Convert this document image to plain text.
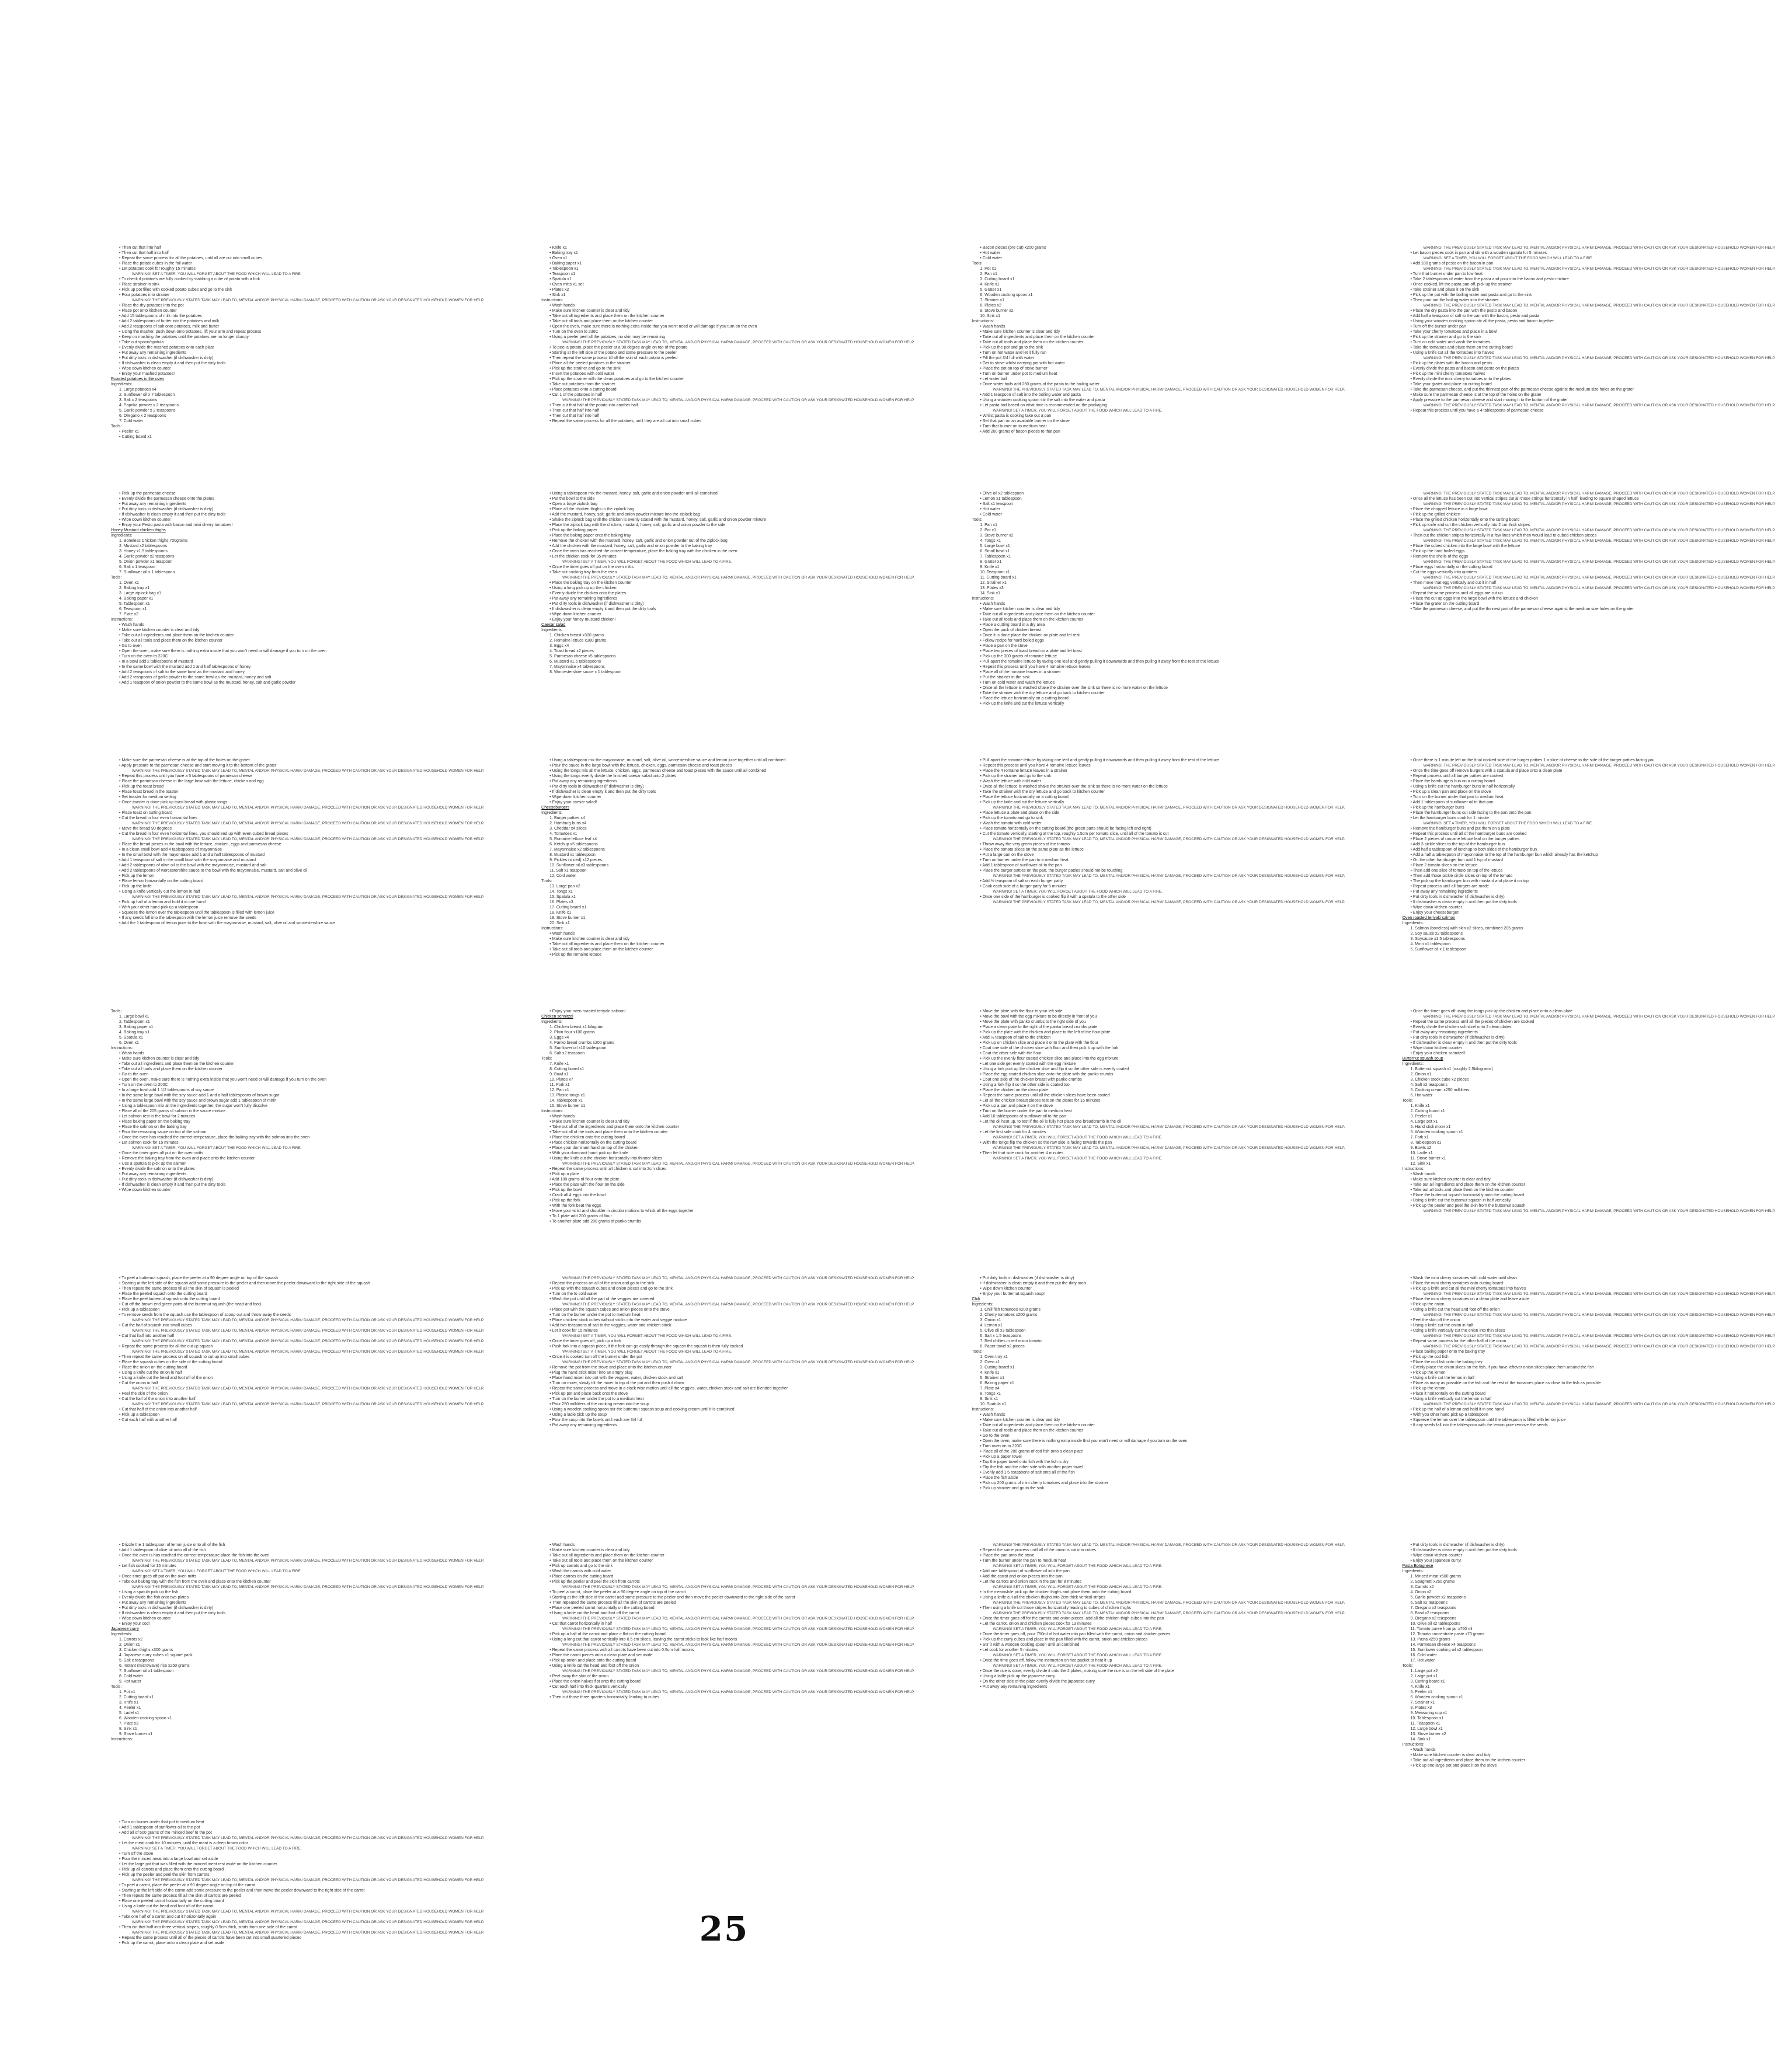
• Then cut that into half
• Then cut that half into half
• Repeat the same process for all the potatoes, until all are cut into small cubes
• Place the potato cubes in the foil water
• Let potatoes cook for roughly 15 minutes
WARNING! SET A TIMER, YOU WILL FORGET ABOUT THE FOOD WHICH WILL LEAD TO A FIRE.
• To check if potatoes are fully cooked try stabbing a cube of potato with a fork
• Place strainer in sink
• Pick up pot filled with cooked potato cubes and go to the sink
• Pour potatoes into strainer
WARNING! THE PREVIOUSLY STATED TASK MAY LEAD TO, MENTAL AND/OR PHYSICAL HARM/ DAMAGE, PROCEED WITH CAUTION OR ASK YOUR DESIGNATED HOUSEHOLD WOMEN FOR HELP.
• Place the dry potatoes into the pot
• Place pot onto kitchen counter
• Add 15 tablespoons of milk into the potatoes
• Add 2 tablespoons of butter into the potatoes and milk
• Add 2 teaspoons of salt onto potatoes, milk and butter
• Using the masher, push down onto potatoes, lift your arm and repeat process
• Keep on mashing the potatoes until the potatoes are no longer clumpy
• Take out spoon/spatula
• Evenly divide the mashed potatoes onto each plate
• Put away any remaining ingredients
• Put dirty tools in dishwasher (if dishwasher is dirty)
• If dishwasher is clean empty it and then put the dirty tools
• Wipe down kitchen counter
• Enjoy your mashed potatoes!
Roasted potatoes in the oven
Ingredients:
1. Large potatoes x4
2. Sunflower oil x 7 tablespoon
3. Salt x 2 teaspoons
4. Paprika powder x 2 teaspoons
5. Garlic powder x 2 teaspoons
6. Oregano x 2 teaspoons
7. Cold water
Tools:
• Peeler x1
• Cutting board x1
• Knife x1
• Baking tray x1
• Oven x1
• Baking paper x1
• Tablespoon x1
• Teaspoon x1
• Spatula x1
• Oven mitts x1 set
• Plates x2
• Sink x1
Instructions:
• Wash hands
• Make sure kitchen counter is clear and tidy
• Take out all ingredients and place them on the kitchen counter
• Take out all tools and place them on the kitchen counter
• Open the oven, make sure there is nothing extra inside that you won't need or will damage if you turn on the oven
• Turn on the oven to 230C
• Using a peeler peel all the potatoes, no skin may be remaining
WARNING! THE PREVIOUSLY STATED TASK MAY LEAD TO, MENTAL AND/OR PHYSICAL HARM/ DAMAGE, PROCEED WITH CAUTION OR ASK YOUR DESIGNATED HOUSEHOLD WOMEN FOR HELP.
• To peel a potato, place the peeler at a 90 degree angle on top of the potato
• Starting at the left side of the potato and some pressure to the peeler
• Then repeat the same process till all the skin of each potato is peeled
• Place all the peeled potatoes in the strainer
• Pick up the strainer and go to the sink
• Insert the potatoes with cold water
• Pick up the strainer with the clean potatoes and go to the kitchen counter
• Take out potatoes from the strainer
• Place potatoes onto a cutting board
• Cut 1 of the potatoes in half
WARNING! THE PREVIOUSLY STATED TASK MAY LEAD TO, MENTAL AND/OR PHYSICAL HARM/ DAMAGE, PROCEED WITH CAUTION OR ASK YOUR DESIGNATED HOUSEHOLD WOMEN FOR HELP.
• Then cut that half of the potato into another half
• Then cut that half into half
• Then cut that half into half
• Repeat the same process for all the potatoes, until they are all cut into small cubes
• Bacon pieces (pre cut) x200 grams
• Hot water
• Cold water
Tools:
1. Pot x1
2. Pan x1
3. Cutting board x1
4. Knife x1
5. Grater x1
6. Wooden cooking spoon x1
7. Strainer x1
8. Plates x2
9. Stove burner x2
10. Sink x1
Instructions:
• Wash hands
• Make sure kitchen counter is clear and tidy
• Take out all ingredients and place them on the kitchen counter
• Take out all tools and place them on the kitchen counter
• Pick up the pot and go to the sink
• Turn on hot water and let it fully run
• Fill the pot 3/4 full with water
• Get to stove whilst carrying pot with hot water
• Place the pot on top of stove burner
• Turn on burner under pot to medium heat
• Let water boil
• Once water boils add 250 grams of the pasta to the boiling water
WARNING! THE PREVIOUSLY STATED TASK MAY LEAD TO, MENTAL AND/OR PHYSICAL HARM/ DAMAGE, PROCEED WITH CAUTION OR ASK YOUR DESIGNATED HOUSEHOLD WOMEN FOR HELP.
• Add 1 teaspoon of salt into the boiling water and pasta
• Using a wooden cooking spoon stir the salt into the water and pasta
• Let pasta boil based on what time is recommended on the packaging
WARNING! SET A TIMER, YOU WILL FORGET ABOUT THE FOOD WHICH WILL LEAD TO A FIRE.
• Whilst pasta is cooking take out a pan
• Set that pan on an available burner on the stove
• Turn that burner on to medium heat
• Add 200 grams of bacon pieces to that pan
WARNING! THE PREVIOUSLY STATED TASK MAY LEAD TO, MENTAL AND/OR PHYSICAL HARM/ DAMAGE, PROCEED WITH CAUTION OR ASK YOUR DESIGNATED HOUSEHOLD WOMEN FOR HELP.
• Let bacon pieces cook in pan and stir with a wooden spatula for 5 minutes
WARNING! SET A TIMER, YOU WILL FORGET ABOUT THE FOOD WHICH WILL LEAD TO A FIRE.
• Add 180 grams of pesto on the bacon in pan
WARNING! THE PREVIOUSLY STATED TASK MAY LEAD TO, MENTAL AND/OR PHYSICAL HARM/ DAMAGE, PROCEED WITH CAUTION OR ASK YOUR DESIGNATED HOUSEHOLD WOMEN FOR HELP.
• Turn that burner under pan to low heat
• Take 2 tablespoons of water from the pasta and pour into the bacon and pesto mixture
• Once cooked, lift the pasta pan off, pick up the strainer
• Take strainer and place it on the sink
• Pick up the pot with the boiling water and pasta and go to the sink
• Then pour out the boiling water into the strainer
WARNING! THE PREVIOUSLY STATED TASK MAY LEAD TO, MENTAL AND/OR PHYSICAL HARM/ DAMAGE, PROCEED WITH CAUTION OR ASK YOUR DESIGNATED HOUSEHOLD WOMEN FOR HELP.
• Place the dry pasta into the pan with the pesto and bacon
• Add half a teaspoon of salt to the pan with the bacon, pesto and pasta
• Using your wooden cooking spoon stir all the pasta, pesto and bacon together
• Turn off the burner under pan
• Take your cherry tomatoes and place in a bowl
• Pick up the strainer and go to the sink
• Turn on cold water and wash the tomatoes
• Take the tomatoes and place them on the cutting board
• Using a knife cut all the tomatoes into halves
WARNING! THE PREVIOUSLY STATED TASK MAY LEAD TO, MENTAL AND/OR PHYSICAL HARM/ DAMAGE, PROCEED WITH CAUTION OR ASK YOUR DESIGNATED HOUSEHOLD WOMEN FOR HELP.
• Pick up the plates with the bacon and pesto
• Evenly divide the pasta and bacon and pesto on the plates
• Pick up the mini cherry tomatoes halves
• Evenly divide the mini cherry tomatoes onto the plates
• Take your grater and place on cutting board
• Take the parmesan cheese, and put the thinnest part of the parmesan cheese against the medium size holes on the grater
• Make sure the parmesan cheese is at the top of the holes on the grater
• Apply pressure to the parmesan cheese and start moving it to the bottom of the grater
WARNING! THE PREVIOUSLY STATED TASK MAY LEAD TO, MENTAL AND/OR PHYSICAL HARM/ DAMAGE, PROCEED WITH CAUTION OR ASK YOUR DESIGNATED HOUSEHOLD WOMEN FOR HELP.
• Repeat this process until you have a 4 tablespoons of parmesan cheese
• Pick up the parmesan cheese
• Evenly divide the parmesan cheese onto the plates
• Put away any remaining ingredients
• Put dirty tools in dishwasher (if dishwasher is dirty)
• If dishwasher is clean empty it and then put the dirty tools
• Wipe down kitchen counter
• Enjoy your Pesto pasta with bacon and mini cherry tomatoes!
Honey Mustard chicken thighs
Ingredients:
1. Boneless Chicken thighs 700grams
2. Mustard x2 tablespoons
3. Honey x1.5 tablespoons
4. Garlic powder x2 teaspoons
5. Onion powder x1 teaspoon
6. Salt x 1 teaspoon
7. Sunflower oil x 1 tablespoon
Tools:
1. Oven x1
2. Baking tray x1
3. Large ziplock bag x1
4. Baking paper x1
5. Tablespoon x1
6. Teaspoon x1
7. Plate x2
Instructions:
• Wash hands
• Make sure kitchen counter is clear and tidy
• Take out all ingredients and place them on the kitchen counter
• Take out all tools and place them on the kitchen counter
• Go to oven
• Open the oven, make sure there is nothing extra inside that you won't need or will damage if you turn on the oven
• Turn on the oven to 220C
• In a bowl add 2 tablespoons of mustard
• In the same bowl with the mustard add 1 and half tablespoons of honey
• Add 2 teaspoons of salt to the same bowl as the mustard and honey
• Add 2 teaspoons of garlic powder to the same bowl as the mustard, honey and salt
• Add 1 teaspoon of onion powder to the same bowl as the mustard, honey, salt and garlic powder
• Using a tablespoon mix the mustard, honey, salt, garlic and onion powder until all combined
• Put the bowl to the side
• Open a large ziplock bag
• Place all the chicken thighs in the ziplock bag
• Add the mustard, honey, salt, garlic and onion powder mixture into the ziplock bag
• Shake the ziplock bag until the chicken is evenly coated with the mustard, honey, salt, garlic and onion powder mixture
• Place the ziplock bag with the chicken, mustard, honey, salt, garlic and onion powder to the side
• Pick up the baking paper
• Place the baking paper onto the baking tray
• Remove the chicken with the mustard, honey, salt, garlic and onion powder out of the ziplock bag
• Add the chicken with the mustard, honey, salt, garlic and onion powder to the baking tray
• Once the oven has reached the correct temperature, place the baking tray with the chicken in the oven
• Let the chicken cook for 35 minutes
WARNING! SET A TIMER, YOU WILL FORGET ABOUT THE FOOD WHICH WILL LEAD TO A FIRE.
• Once the timer goes off put on the oven mitts
• Take out cooking tray from the oven
WARNING! THE PREVIOUSLY STATED TASK MAY LEAD TO, MENTAL AND/OR PHYSICAL HARM/ DAMAGE, PROCEED WITH CAUTION OR ASK YOUR DESIGNATED HOUSEHOLD WOMEN FOR HELP.
• Place the baking tray on the kitchen counter
• Using a long pick up up the chicken
• Evenly divide the chicken onto the plates
• Put away any remaining ingredients
• Put dirty tools in dishwasher (if dishwasher is dirty)
• If dishwasher is clean empty it and then put the dirty tools
• Wipe down kitchen counter
• Enjoy your honey mustard chicken!
Caesar salad
Ingredients:
1. Chicken breast x300 grams
2. Romaine lettuce x300 grams
3. Eggs x4
4. Toast bread x2 pieces
5. Parmesan cheese x5 tablespoons
6. Mustard x1.5 tablespoons
7. Mayonnaise x4 tablespoons
8. Worcestershire sauce x 1 tablespoon
• Olive oil x2 tablespoon
• Lemon x1 tablespoon
• Salt x1 teaspoon
• Hot water
• Cold water
Tools:
1. Pan x1
2. Pot x1
3. Stove burner x2
4. Tongs x1
5. Large bowl x1
6. Small bowl x1
7. Tablespoon x1
8. Grater x1
9. Knife x1
10. Teaspoon x1
11. Cutting board x1
12. Strainer x1
13. Plates x3
14. Sink x1
Instructions:
• Wash hands
• Make sure kitchen counter is clear and tidy
• Take out all ingredients and place them on the kitchen counter
• Take out all tools and place them on the kitchen counter
• Place a cutting board in a dry area
• Open the pack of chicken breast
• Once it is done place the chicken on plate and let rest
• Follow recipe for hard boiled eggs
• Place a pan on the stove
• Place two pieces of toast bread on a plate and let toast
• Pick up the 300 grams of romaine lettuce
• Pull apart the romaine lettuce by taking one leaf and gently pulling it downwards and then pulling it away from the rest of the lettuce
• Repeat this process until you have 4 romaine lettuce leaves
• Place all of the romaine leaves in a strainer
• Put the strainer in the sink
• Turn on cold water and wash the lettuce
• Once all the lettuce is washed shake the strainer over the sink so there is no more water on the lettuce
• Take the strainer with the dry lettuce and go back to kitchen counter
• Place the lettuce horizontally on a cutting board
• Pick up the knife and cut the lettuce vertically
WARNING! THE PREVIOUSLY STATED TASK MAY LEAD TO, MENTAL AND/OR PHYSICAL HARM/ DAMAGE, PROCEED WITH CAUTION OR ASK YOUR DESIGNATED HOUSEHOLD WOMEN FOR HELP.
• Once all the lettuce has been cut into vertical stripes cut all those strings horizontally in half, leading to square shaped lettuce
WARNING! THE PREVIOUSLY STATED TASK MAY LEAD TO, MENTAL AND/OR PHYSICAL HARM/ DAMAGE, PROCEED WITH CAUTION OR ASK YOUR DESIGNATED HOUSEHOLD WOMEN FOR HELP.
• Place the chopped lettuce in a large bowl
• Pick up the grilled chicken
• Place the grilled chicken horizontally onto the cutting board
• Pick up knife and cut the chicken vertically into 2 cm thick stripes
WARNING! THE PREVIOUSLY STATED TASK MAY LEAD TO, MENTAL AND/OR PHYSICAL HARM/ DAMAGE, PROCEED WITH CAUTION OR ASK YOUR DESIGNATED HOUSEHOLD WOMEN FOR HELP.
• Then cut the chicken stripes horizontally in a few lines which then would lead to cubed chicken pieces
WARNING! THE PREVIOUSLY STATED TASK MAY LEAD TO, MENTAL AND/OR PHYSICAL HARM/ DAMAGE, PROCEED WITH CAUTION OR ASK YOUR DESIGNATED HOUSEHOLD WOMEN FOR HELP.
• Place the cubed chicken into the large bowl with the lettuce
• Pick up the hard boiled eggs
• Remove the shells of the eggs
WARNING! THE PREVIOUSLY STATED TASK MAY LEAD TO, MENTAL AND/OR PHYSICAL HARM/ DAMAGE, PROCEED WITH CAUTION OR ASK YOUR DESIGNATED HOUSEHOLD WOMEN FOR HELP.
• Place eggs horizontally on the cutting board
• Cut the eggs vertically into quarters
WARNING! THE PREVIOUSLY STATED TASK MAY LEAD TO, MENTAL AND/OR PHYSICAL HARM/ DAMAGE, PROCEED WITH CAUTION OR ASK YOUR DESIGNATED HOUSEHOLD WOMEN FOR HELP.
• Then move that egg vertically and cut it in half
WARNING! THE PREVIOUSLY STATED TASK MAY LEAD TO, MENTAL AND/OR PHYSICAL HARM/ DAMAGE, PROCEED WITH CAUTION OR ASK YOUR DESIGNATED HOUSEHOLD WOMEN FOR HELP.
• Repeat the same process until all eggs are cut up
• Place the cut up eggs into the large bowl with the lettuce and chicken
• Place the grater on the cutting board
• Take the parmesan cheese, and put the thinnest part of the parmesan cheese against the medium size holes on the grater
• Make sure the parmesan cheese is at the top of the holes on the grater
• Apply pressure to the parmesan cheese and start moving it to the bottom of the grater
WARNING! THE PREVIOUSLY STATED TASK MAY LEAD TO, MENTAL AND/OR PHYSICAL HARM/ DAMAGE, PROCEED WITH CAUTION OR ASK YOUR DESIGNATED HOUSEHOLD WOMEN FOR HELP.
• Repeat this process until you have a 5 tablespoons of parmesan cheese
• Place the parmesan cheese in the large bowl with the lettuce, chicken and egg
• Pick up the toast bread
• Place toast bread in the toaster
• Set toaster for medium setting
• Once toaster is done pick up toast bread with plastic tongs
WARNING! THE PREVIOUSLY STATED TASK MAY LEAD TO, MENTAL AND/OR PHYSICAL HARM/ DAMAGE, PROCEED WITH CAUTION OR ASK YOUR DESIGNATED HOUSEHOLD WOMEN FOR HELP.
• Place toast on cutting board
• Cut the bread in four even horizontal lines
WARNING! THE PREVIOUSLY STATED TASK MAY LEAD TO, MENTAL AND/OR PHYSICAL HARM/ DAMAGE, PROCEED WITH CAUTION OR ASK YOUR DESIGNATED HOUSEHOLD WOMEN FOR HELP.
• Move the bread 90 degrees
• Cut the bread in four even horizontal lines, you should end up with even cubed bread pieces
WARNING! THE PREVIOUSLY STATED TASK MAY LEAD TO, MENTAL AND/OR PHYSICAL HARM/ DAMAGE, PROCEED WITH CAUTION OR ASK YOUR DESIGNATED HOUSEHOLD WOMEN FOR HELP.
• Place the bread pieces in the bowl with the lettuce, chicken, eggs and parmesan cheese
• In a clean small bowl add 4 tablespoons of mayonnaise
• In the small bowl with the mayonnaise add 1 and a half tablespoons of mustard
• Add 1 teaspoon of salt in the small bowl with the mayonnaise and mustard
• Add 2 tablespoons of olive oil to the bowl with the mayonnaise, mustard and salt
• Add 2 tablespoons of worcestershire sauce to the bowl with the mayonnaise, mustard, salt and olive oil
• Pick up the lemon
• Place lemon horizontally on the cutting board
• Pick up the knife
• Using a knife vertically cut the lemon in half
WARNING! THE PREVIOUSLY STATED TASK MAY LEAD TO, MENTAL AND/OR PHYSICAL HARM/ DAMAGE, PROCEED WITH CAUTION OR ASK YOUR DESIGNATED HOUSEHOLD WOMEN FOR HELP.
• Pick up half of a lemon and hold it in one hand
• With your other hand pick up a tablespoon
• Squeeze the lemon over the tablespoon until the tablespoon is filled with lemon juice
• If any seeds fall into the tablespoon with the lemon juice remove the seeds
• Add the 1 tablespoon of lemon juice to the bowl with the mayonnaise, mustard, salt, olive oil and worcestershire sauce
• Using a tablespoon mix the mayonnaise, mustard, salt, olive oil, worcestershire sauce and lemon juice together until all combined
• Pour the sauce in the large bowl with the lettuce, chicken, eggs, parmesan cheese and toast pieces
• Using the tongs mix all the lettuce, chicken, eggs, parmesan cheese and toast pieces with the sauce until all combined
• Using the tongs evenly divide the finished caesar salad onto 2 plates
• Put away any remaining ingredients
• Put dirty tools in dishwasher (if dishwasher is dirty)
• If dishwasher is clean empty it and then put the dirty tools
• Wipe down kitchen counter
• Enjoy your caesar salad!
Cheeseburgers
Ingredients:
1. Burger patties x4
2. Hamburg buns x4
3. Cheddar x4 slices
4. Tomatoes x1
5. Romaine lettuce leaf x4
6. Ketchup x5 tablespoons
7. Mayonnaise x2 tablespoons
8. Mustard x1 tablespoon
9. Pickles (sliced) x12 pieces
10. Sunflower oil x3 tablespoons
11. Salt x1 teaspoon
12. Cold water
Tools:
13. Large pan x2
14. Tongs x1
15. Spatula x1
16. Plates x3
17. Cutting board x1
18. Knife x1
19. Stove burner x1
20. Sink x1
Instructions:
• Wash hands
• Make sure kitchen counter is clear and tidy
• Take out all ingredients and place them on the kitchen counter
• Take out all tools and place them on the kitchen counter
• Pick up the romaine lettuce
• Pull apart the romaine lettuce by taking one leaf and gently pulling it downwards and then pulling it away from the rest of the lettuce
• Repeat this process until you have 4 romaine lettuce leaves
• Place the 4 romaine lettuce leaves in a strainer
• Pick up the strainer and go to the sink
• Wash the lettuce with cold water
• Once all the lettuce is washed shake the strainer over the sink so there is no more water on the lettuce
• Take the strainer with the dry lettuce and go back to kitchen counter
• Place the lettuce horizontally on a cutting board
• Pick up the knife and cut the lettuce vertically
WARNING! THE PREVIOUSLY STATED TASK MAY LEAD TO, MENTAL AND/OR PHYSICAL HARM/ DAMAGE, PROCEED WITH CAUTION OR ASK YOUR DESIGNATED HOUSEHOLD WOMEN FOR HELP.
• Place lettuce a plate and place on the side
• Pick up the tomato and go to sink
• Wash the tomato with cold water
• Place tomato horizontally on the cutting board (the green parts should be facing left and right)
• Cut the tomato vertically, starting at the top, roughly 1.5cm per tomato slice, until all of the tomato is cut
WARNING! THE PREVIOUSLY STATED TASK MAY LEAD TO, MENTAL AND/OR PHYSICAL HARM/ DAMAGE, PROCEED WITH CAUTION OR ASK YOUR DESIGNATED HOUSEHOLD WOMEN FOR HELP.
• Throw away the very green pieces of the tomato
• Place the tomato slices on the same plate as the lettuce
• Put a large pan on the stove
• Turn on burner under the pan to a medium heat
• Add 1 tablespoon of sunflower oil to the pan
• Place the burger patties on the pan, the burger patties should not be touching
WARNING! THE PREVIOUSLY STATED TASK MAY LEAD TO, MENTAL AND/OR PHYSICAL HARM/ DAMAGE, PROCEED WITH CAUTION OR ASK YOUR DESIGNATED HOUSEHOLD WOMEN FOR HELP.
• Add ½ teaspoon of salt on each burger patty
• Cook each side of a burger patty for 5 minutes
WARNING! SET A TIMER, YOU WILL FORGET ABOUT THE FOOD WHICH WILL LEAD TO A FIRE.
• Once one side of the hamburger is cooked flip it with a spatula to the other side
WARNING! THE PREVIOUSLY STATED TASK MAY LEAD TO, MENTAL AND/OR PHYSICAL HARM/ DAMAGE, PROCEED WITH CAUTION OR ASK YOUR DESIGNATED HOUSEHOLD WOMEN FOR HELP.
• Once there is 1 minute left on the final cooked side of the burger patties 1 a slice of cheese to the side of the burger patties facing you
WARNING! THE PREVIOUSLY STATED TASK MAY LEAD TO, MENTAL AND/OR PHYSICAL HARM/ DAMAGE, PROCEED WITH CAUTION OR ASK YOUR DESIGNATED HOUSEHOLD WOMEN FOR HELP.
• Once the time goes off remove burgers with a spatula and place onto a clean plate
• Repeat process until all burger patties are cooked
• Place the hamburgers bun on a cutting board
• Using a knife cut the hamburger buns in half horizontally
• Pick up a clean pan and place on the stove
• Turn on the burner under that pan to medium heat
• Add 1 tablespoon of sunflower oil to that pan
• Pick up the hamburger buns
• Place the hamburger buns cut side facing to the pan onto the pan
• Let the hamburger buns cook for 1 minute
WARNING! SET A TIMER, YOU WILL FORGET ABOUT THE FOOD WHICH WILL LEAD TO A FIRE.
• Remove the hamburger buns and put them on a plate
• Repeat this process until all of the hamburger buns are cooked
• Place 2 pieces of romaine lettuce leaf on the burger patties
• Add 3 pickle slices to the top of the hamburger bun
• Add half a tablespoon of ketchup to both sides of the hamburger bun
• Add a half a tablespoon of mayonnaise to the top of the hamburger bun which already has the ketchup
• On the other hamburger bun add 1 tsp of mustard
• Place 2 tomato slices on the lettuce
• Then add one slice of tomato on top of the lettuce
• Then add those pickle circle slices on top of the tomato
• The pick up the hamburger bun with mustard and place it on top
• Repeat process until all burgers are made
• Put away any remaining ingredients
• Put dirty tools in dishwasher (if dishwasher is dirty)
• If dishwasher is clean empty it and then put the dirty tools
• Wipe down kitchen counter
• Enjoy your cheeseburger!
Oven roasted teriyaki salmon
Ingredients:
1. Salmon (boneless) with skin x2 slices, combined 205 grams
2. Soy sauce x2 tablespoons
3. Soysauce x1.5 tablespoons
4. Mirin x1 tablespoon
5. Sunflower oil x 1 tablespoon
Tools:
1. Large bowl x1
2. Tablespoon x1
3. Baking paper x1
4. Baking tray x1
5. Spatula x1
6. Oven x1
Instructions:
• Wash hands
• Make sure kitchen counter is clear and tidy
• Take out all ingredients and place them on the kitchen counter
• Take out all tools and place them on the kitchen counter
• Go to the oven
• Open the oven, make sure there is nothing extra inside that you won't need or will damage if you turn on the oven
• Turn on the oven to 200C
• In a large bowl add 1 1/2 tablespoons of soy sauce
• In the same large bowl with the soy sauce add 1 and a half tablespoons of brown sugar
• In the same large bowl with the soy sauce and brown sugar add 1 tablespoon of mirin
• Using a tablespoon mix all the ingredients together, the sugar won't fully dissolve
• Place all of the 205 grams of salmon in the sauce mixture
• Let salmon rest in the bowl for 2 minutes
• Place baking paper on the baking tray
• Place the salmon on the baking tray
• Pour the remaining sauce on top of the salmon
• Once the oven has reached the correct temperature, place the baking tray with the salmon into the oven
• Let salmon cook for 15 minutes
WARNING! SET A TIMER, YOU WILL FORGET ABOUT THE FOOD WHICH WILL LEAD TO A FIRE.
• Once the timer goes off put on the oven mitts
• Remove the baking tray from the oven and place onto the kitchen counter
• Use a spatula to pick up the salmon
• Evenly divide the salmon onto the plates
• Put away any remaining ingredients
• Put dirty tools in dishwasher (if dishwasher is dirty)
• If dishwasher is clean empty it and then put the dirty tools
• Wipe down kitchen counter
• Enjoy your oven roasted teriyaki salmon!
Chicken schnitzel
Ingredients:
1. Chicken breast x1 kilogram
2. Plain flour x100 grams
3. Eggs x4
4. Panko bread crumbs x200 grams
5. Sunflower oil x10 tablespoon
6. Salt x2 teaspoon
Tools:
7. Knife x1
8. Cutting board x1
9. Bowl x1
10. Plates x7
11. Fork x1
12. Pan x1
13. Plastic tongs x1
14. Tablespoon x1
15. Stove burner x1
Instructions:
• Wash hands
• Make sure kitchen counter is clear and tidy
• Take out all of the ingredients and place them onto the kitchen counter
• Take out all of the tools and place them onto the kitchen counter
• Place the chicken onto the cutting board
• Place chicken horizontally on the cutting board
• Place your dominant hand on top of the chicken
• With your dominant hand pick up the knife
• Using the knife cut the chicken horizontally into thinner slices
WARNING! THE PREVIOUSLY STATED TASK MAY LEAD TO, MENTAL AND/OR PHYSICAL HARM/ DAMAGE, PROCEED WITH CAUTION OR ASK YOUR DESIGNATED HOUSEHOLD WOMEN FOR HELP.
• Repeat the same process until all chicken is cut into 2cm slices
• Pick up a plate
• Add 100 grams of flour onto the plate
• Place the plate with the flour on the side
• Pick up the bowl
• Crack all 4 eggs into the bowl
• Pick up the fork
• With the fork beat the eggs
• Move your wrist and shoulder in circular motions to whisk all the eggs together
• To 1 plate add 200 grams of flour
• To another plate add 200 grams of panko crumbs
• Move the plate with the flour to your left side
• Move the bowl with the egg mixture to be directly in front of you
• Move the plate with panko crumbs to the right side of you
• Place a clean plate to the right of the panko bread crumbs plate
• Pick up the plate with the chicken and place to the left of the flour plate
• Add ½ teaspoon of salt to the chicken
• Pick up on chicken slice and place it onto the plate with the flour
• Coat one side of the chicken slice with flour and then pick it up with the fork
• Coat the other side with the flour
• Pick up the evenly flour coated chicken slice and place into the egg mixture
• Let one side get evenly coated with the egg mixture
• Using a fork pick up the chicken slice and flip it so the other side is evenly coated
• Place the egg coated chicken slice onto the plate with the panko crumbs
• Coat one side of the chicken breast with panko crumbs
• Using a fork flip it so the other side is coated too
• Place the chicken on the clean plate
• Repeat the same process until all the chicken slices have been coated
• Let all the chicken breast pieces rest on the plates for 15 minutes
• Pick up a pan and place it on the stove
• Turn on the burner under the pan to medium heat
• Add 10 tablespoons of sunflower oil to the pan
• Let the oil heat up, to test if the oil is fully hot place one breadcrumb in the oil
WARNING! THE PREVIOUSLY STATED TASK MAY LEAD TO, MENTAL AND/OR PHYSICAL HARM/ DAMAGE, PROCEED WITH CAUTION OR ASK YOUR DESIGNATED HOUSEHOLD WOMEN FOR HELP.
• Let the first side cook for 4 minutes
WARNING! SET A TIMER, YOU WILL FORGET ABOUT THE FOOD WHICH WILL LEAD TO A FIRE.
• With the tongs flip the chicken so the raw side is facing towards the pan
WARNING! THE PREVIOUSLY STATED TASK MAY LEAD TO, MENTAL AND/OR PHYSICAL HARM/ DAMAGE, PROCEED WITH CAUTION OR ASK YOUR DESIGNATED HOUSEHOLD WOMEN FOR HELP.
• Then let that side cook for another 4 minutes
WARNING! SET A TIMER, YOU WILL FORGET ABOUT THE FOOD WHICH WILL LEAD TO A FIRE.
• Once the timer goes off using the tongs pick up the chicken and place onto a clean plate
WARNING! THE PREVIOUSLY STATED TASK MAY LEAD TO, MENTAL AND/OR PHYSICAL HARM/ DAMAGE, PROCEED WITH CAUTION OR ASK YOUR DESIGNATED HOUSEHOLD WOMEN FOR HELP.
• Repeat the same process until all the pieces of chicken are cooked
• Evenly divide the chicken schnitzel onto 2 clean plates
• Put away any remaining ingredients
• Put dirty tools in dishwasher (if dishwasher is dirty)
• If dishwasher is clean empty it and then put the dirty tools
• Wipe down kitchen counter
• Enjoy your chicken schnitzel!
Butternut squash soup
Ingredients:
1. Butternut squash x1 (roughly 2.5kilograms)
2. Onion x1
3. Chicken stock cube x2 pieces
4. Salt x2 teaspoons
5. Cooking cream x250 milliliters
6. Hot water
Tools:
1. Knife x1
2. Cutting board x1
3. Peeler x1
4. Large pot x1
5. Hand stick mixer x1
6. Wooden cooking spoon x1
7. Fork x1
8. Tablespoon x1
9. Bowls x2
10. Ladle x1
11. Stove burner x1
12. Sink x1
Instructions:
• Wash hands
• Make sure kitchen counter is clear and tidy
• Take out all ingredients and place them on the kitchen counter
• Take out all tools and place them on the kitchen counter
• Place the butternut squash horizontally onto the cutting board
• Using a knife cut the butternut squash in half vertically
• Pick up the peeler and peel the skin from the butternut squash
WARNING! THE PREVIOUSLY STATED TASK MAY LEAD TO, MENTAL AND/OR PHYSICAL HARM/ DAMAGE, PROCEED WITH CAUTION OR ASK YOUR DESIGNATED HOUSEHOLD WOMEN FOR HELP.
• To peel a butternut squash, place the peeler at a 90 degree angle on top of the squash
• Starting at the left side of the squash add some pressure to the peeler and then move the peeler downward to the right side of the squash
• Then repeat the same process till all the skin of squash is peeled
• Place the peeled squash onto the cutting board
• Place the peel butternut squash onto the cutting board
• Cut off the brown end green parts of the butternut squash (the head and foot)
• Pick up a tablespoon
• To remove seeds from the squash use the tablespoon of scoop out and throw away the seeds
WARNING! THE PREVIOUSLY STATED TASK MAY LEAD TO, MENTAL AND/OR PHYSICAL HARM/ DAMAGE, PROCEED WITH CAUTION OR ASK YOUR DESIGNATED HOUSEHOLD WOMEN FOR HELP.
• Cut the half of squash into small cubes
WARNING! THE PREVIOUSLY STATED TASK MAY LEAD TO, MENTAL AND/OR PHYSICAL HARM/ DAMAGE, PROCEED WITH CAUTION OR ASK YOUR DESIGNATED HOUSEHOLD WOMEN FOR HELP.
• Cut that half into another half
WARNING! THE PREVIOUSLY STATED TASK MAY LEAD TO, MENTAL AND/OR PHYSICAL HARM/ DAMAGE, PROCEED WITH CAUTION OR ASK YOUR DESIGNATED HOUSEHOLD WOMEN FOR HELP.
• Repeat the same process for all the cut up squash
WARNING! THE PREVIOUSLY STATED TASK MAY LEAD TO, MENTAL AND/OR PHYSICAL HARM/ DAMAGE, PROCEED WITH CAUTION OR ASK YOUR DESIGNATED HOUSEHOLD WOMEN FOR HELP.
• Then repeat the same process on all squash to cut up into small cubes
• Place the squash cubes on the side of the cutting board
• Place the onion on the cutting board
• Using a knife cut the onion in half
• Using a knife cut the head and foot off of the onion
• Cut the onion in half
WARNING! THE PREVIOUSLY STATED TASK MAY LEAD TO, MENTAL AND/OR PHYSICAL HARM/ DAMAGE, PROCEED WITH CAUTION OR ASK YOUR DESIGNATED HOUSEHOLD WOMEN FOR HELP.
• Peel the skin of the onion
• Cut the half of the onion into another half
WARNING! THE PREVIOUSLY STATED TASK MAY LEAD TO, MENTAL AND/OR PHYSICAL HARM/ DAMAGE, PROCEED WITH CAUTION OR ASK YOUR DESIGNATED HOUSEHOLD WOMEN FOR HELP.
• Cut that half of the onion into another half
• Pick up a tablespoon
• Cut each half with another half
WARNING! THE PREVIOUSLY STATED TASK MAY LEAD TO, MENTAL AND/OR PHYSICAL HARM/ DAMAGE, PROCEED WITH CAUTION OR ASK YOUR DESIGNATED HOUSEHOLD WOMEN FOR HELP.
• Repeat the process on all of the onion and go to the sink
• Pick up with the squash cubes and onion pieces and go to the sink
• Turn on the to cold water
• Wash the pot until all the part of the veggies are covered
WARNING! THE PREVIOUSLY STATED TASK MAY LEAD TO, MENTAL AND/OR PHYSICAL HARM/ DAMAGE, PROCEED WITH CAUTION OR ASK YOUR DESIGNATED HOUSEHOLD WOMEN FOR HELP.
• Place pot with the squash cubes and onion pieces onto the stove
• Turn on the burner under the pot to medium heat
• Place chicken stock cubes without sticks into the water and veggie mixture
• Add two teaspoons of salt to the veggies, water and chicken stock
• Let it cook for 15 minutes
WARNING! SET A TIMER, YOU WILL FORGET ABOUT THE FOOD WHICH WILL LEAD TO A FIRE.
• Once the timer goes off, pick up a fork
• Push fork into a squash piece, if the fork can go easily through the squash the squash is then fully cooked
WARNING! SET A TIMER, YOU WILL FORGET ABOUT THE FOOD WHICH WILL LEAD TO A FIRE.
• Once it is cooked turn off the burner under the pot
WARNING! THE PREVIOUSLY STATED TASK MAY LEAD TO, MENTAL AND/OR PHYSICAL HARM/ DAMAGE, PROCEED WITH CAUTION OR ASK YOUR DESIGNATED HOUSEHOLD WOMEN FOR HELP.
• Remove the pot from the stove and place onto the kitchen counter
• Plug the hand stick mixer into an empty plug
• Place hand mixer into pot with the veggies, water, chicken stock and salt
• Turn on mixer, slowly tilt the mixer to top of the pot and then push it down
• Repeat the same process and move in a clock wise motion until all the veggies, water, chicken stock and salt are blended together
• Pick up pot and place back onto the stove
• Turn on the burner under the pot to a medium heat
• Pour 250 milliliters of the cooking cream into the soup
• Using a wooden cooking spoon stir the butternut squash soup and cooking cream until it is combined
• Using a ladle pick up the soup
• Pour the soup into the bowls until each are 3/4 full
• Put away any remaining ingredients
• Put dirty tools in dishwasher (if dishwasher is dirty)
• If dishwasher is clean empty it and then put the dirty tools
• Wipe down kitchen counter
• Enjoy your butternut squash soup!
Chili
Ingredients:
1. Chili fish tomatoes x200 grams
2. Cherry tomatoes x200 grams
3. Onion x1
4. Lemon x1
5. Olive oil x3 tablespoon
6. Salt x 1.5 teaspoons
7. Red chillies in red onion tomato
8. Paper towel x2 pieces
Tools:
1. Oven tray x1
2. Oven x1
3. Cutting board x1
4. Knife x1
5. Strainer x1
6. Baking paper x1
7. Plate x4
8. Tongs x1
9. Sink x1
10. Spatula x1
Instructions:
• Wash hands
• Make sure kitchen counter is clear and tidy
• Take out all ingredients and place them on the kitchen counter
• Take out all tools and place them on the kitchen counter
• Go to the oven
• Open the oven, make sure there is nothing extra inside that you won't need or will damage if you turn on the oven
• Turn oven on to 220C
• Place all of the 200 grams of cod fish onto a clean plate
• Pick up a paper towel
• Tap the paper towel onto fish with the fish is dry
• Flip the fish and the other side with another paper towel
• Evenly add 1.5 teaspoons of salt onto all of the fish
• Place the fish aside
• Pick up 200 grams of mini cherry tomatoes and place into the strainer
• Pick up strainer and go to the sink
• Wash the mini cherry tomatoes with cold water until clean
• Place the mini cherry tomatoes onto cutting board
• Pick up a knife and cut all the mini cherry tomatoes into halves
WARNING! THE PREVIOUSLY STATED TASK MAY LEAD TO, MENTAL AND/OR PHYSICAL HARM/ DAMAGE, PROCEED WITH CAUTION OR ASK YOUR DESIGNATED HOUSEHOLD WOMEN FOR HELP.
• Place the mini cherry tomatoes on a clean plate and leave aside
• Pick up the onion
• Using a knife cut the head and foot off the onion
WARNING! THE PREVIOUSLY STATED TASK MAY LEAD TO, MENTAL AND/OR PHYSICAL HARM/ DAMAGE, PROCEED WITH CAUTION OR ASK YOUR DESIGNATED HOUSEHOLD WOMEN FOR HELP.
• Peel the skin off the onion
• Using a knife cut the onion in half
• Using a knife vertically cut the onion into thin slices
WARNING! THE PREVIOUSLY STATED TASK MAY LEAD TO, MENTAL AND/OR PHYSICAL HARM/ DAMAGE, PROCEED WITH CAUTION OR ASK YOUR DESIGNATED HOUSEHOLD WOMEN FOR HELP.
• Repeat same process for the other half of the onion
WARNING! THE PREVIOUSLY STATED TASK MAY LEAD TO, MENTAL AND/OR PHYSICAL HARM/ DAMAGE, PROCEED WITH CAUTION OR ASK YOUR DESIGNATED HOUSEHOLD WOMEN FOR HELP.
• Place baking paper onto the baking tray
• Pick up the cod fish
• Place the cod fish onto the baking tray
• Evenly place the onion slices on the fish, if you have leftover onion slices place them around the fish
• Pick up the lemon
• Using a knife cut the lemon in half
• Place as many as possible on the fish and the rest of the tomatoes place as close to the fish as possible
• Pick up the lemon
• Place it horizontally on the cutting board
• Using a knife vertically cut the lemon in half
WARNING! THE PREVIOUSLY STATED TASK MAY LEAD TO, MENTAL AND/OR PHYSICAL HARM/ DAMAGE, PROCEED WITH CAUTION OR ASK YOUR DESIGNATED HOUSEHOLD WOMEN FOR HELP.
• Pick up the half of a lemon and hold it in one hand
• With you other hand pick up a tablespoon
• Squeeze the lemon over the tablespoon until the tablespoon is filled with lemon juice
• If any seeds fall into the tablespoon with the lemon juice remove the seeds
• Drizzle the 1 tablespoon of lemon juice onto all of the fish
• Add 1 tablespoon of olive oil onto all of the fish
• Once the oven is has reached the correct temperature place the fish into the oven
WARNING! THE PREVIOUSLY STATED TASK MAY LEAD TO, MENTAL AND/OR PHYSICAL HARM/ DAMAGE, PROCEED WITH CAUTION OR ASK YOUR DESIGNATED HOUSEHOLD WOMEN FOR HELP.
• Let fish cooked for 15 minutes
WARNING! SET A TIMER, YOU WILL FORGET ABOUT THE FOOD WHICH WILL LEAD TO A FIRE.
• Once timer goes off put on the oven mitts
• Take out baking tray with the fish from the oven and place onto the kitchen counter
WARNING! THE PREVIOUSLY STATED TASK MAY LEAD TO, MENTAL AND/OR PHYSICAL HARM/ DAMAGE, PROCEED WITH CAUTION OR ASK YOUR DESIGNATED HOUSEHOLD WOMEN FOR HELP.
• Using a spatula pick up the fish
• Evenly divide the fish onto two plates
• Put away any remaining ingredients
• Put dirty tools in dishwasher (if dishwasher is dirty)
• If dishwasher is clean empty it and then put the dirty tools
• Wipe down kitchen counter
• Enjoy your cod!
Japanese curry
Ingredients:
1. Carrots x2
2. Onion x1
3. Chicken thighs x300 grams
4. Japanese curry cubes x1 square pack
5. Salt x teaspoons
6. Instant (microwave) rice x250 grams
7. Sunflower oil x1 tablespoon
8. Cold water
9. Hot water
Tools:
1. Pot x1
2. Cutting board x1
3. Knife x1
4. Peeler x1
5. Ladel x1
6. Wooden cooking spoon x1
7. Plate x3
8. Sink x1
9. Stove burner x1
Instructions:
• Wash hands
• Make sure kitchen counter is clear and tidy
• Take out all ingredients and place them on the kitchen counter
• Take out all tools and place them on the kitchen counter
• Pick up carrots and go to the sink
• Wash the carrots with cold water
• Place carrots on the cutting board
• Pick up the peeler and peel the skin from carrots
WARNING! THE PREVIOUSLY STATED TASK MAY LEAD TO, MENTAL AND/OR PHYSICAL HARM/ DAMAGE, PROCEED WITH CAUTION OR ASK YOUR DESIGNATED HOUSEHOLD WOMEN FOR HELP.
• To peel a carrot, place the peeler at a 90 degree angle on top of the carrot
• Starting at the left side of the carrot add some pressure to the peeler and then move the peeler downward to the right side of the carrot
• Then repeated the same process till all the skin of carrots are peeled
• Place one peeled carrot horizontally on the cutting board
• Using a knife cut the head and foot off the carrot
WARNING! THE PREVIOUSLY STATED TASK MAY LEAD TO, MENTAL AND/OR PHYSICAL HARM/ DAMAGE, PROCEED WITH CAUTION OR ASK YOUR DESIGNATED HOUSEHOLD WOMEN FOR HELP.
• Cut that carrot horizontally in half
WARNING! THE PREVIOUSLY STATED TASK MAY LEAD TO, MENTAL AND/OR PHYSICAL HARM/ DAMAGE, PROCEED WITH CAUTION OR ASK YOUR DESIGNATED HOUSEHOLD WOMEN FOR HELP.
• Pick up a half of the carrot and place it flat on the cutting board
• Using a long cut that carrot vertically into 0.5 cm slices, leaving the carrot sticks to look like half moons
WARNING! THE PREVIOUSLY STATED TASK MAY LEAD TO, MENTAL AND/OR PHYSICAL HARM/ DAMAGE, PROCEED WITH CAUTION OR ASK YOUR DESIGNATED HOUSEHOLD WOMEN FOR HELP.
• Repeat the same process with all carrots have been cut into 0.5cm half moons
• Place the carrot pieces onto a clean plate and set aside
• Pick up onion and place onto the cutting board
• Using a knife cut the head and foot off the onion
WARNING! THE PREVIOUSLY STATED TASK MAY LEAD TO, MENTAL AND/OR PHYSICAL HARM/ DAMAGE, PROCEED WITH CAUTION OR ASK YOUR DESIGNATED HOUSEHOLD WOMEN FOR HELP.
• Peel away the skin of the onion
• Place the onion halves flat onto the cutting board
• Cut each half into thick quarters vertically
WARNING! THE PREVIOUSLY STATED TASK MAY LEAD TO, MENTAL AND/OR PHYSICAL HARM/ DAMAGE, PROCEED WITH CAUTION OR ASK YOUR DESIGNATED HOUSEHOLD WOMEN FOR HELP.
• Then cut those three quarters horizontally, leading to cubes
WARNING! THE PREVIOUSLY STATED TASK MAY LEAD TO, MENTAL AND/OR PHYSICAL HARM/ DAMAGE, PROCEED WITH CAUTION OR ASK YOUR DESIGNATED HOUSEHOLD WOMEN FOR HELP.
• Repeat the same process until all of the onion is cut into cubes
• Place the pan onto the stove
• Turn the burner under the pan to medium heat
WARNING! SET A TIMER, YOU WILL FORGET ABOUT THE FOOD WHICH WILL LEAD TO A FIRE.
• Add one tablespoon of sunflower oil into the pan
• Add the carrot and onion pieces into the pan
• Let the carrots and onion cook in the pan for 8 minutes
WARNING! SET A TIMER, YOU WILL FORGET ABOUT THE FOOD WHICH WILL LEAD TO A FIRE.
• In the meanwhile pick up the chicken thighs and place them onto the cutting board
• Using a knife cut all the chicken thighs into 2cm thick vertical stripes
WARNING! THE PREVIOUSLY STATED TASK MAY LEAD TO, MENTAL AND/OR PHYSICAL HARM/ DAMAGE, PROCEED WITH CAUTION OR ASK YOUR DESIGNATED HOUSEHOLD WOMEN FOR HELP.
• Then using a knife cut those stripes horizontally leading to cubes of chicken thighs
WARNING! THE PREVIOUSLY STATED TASK MAY LEAD TO, MENTAL AND/OR PHYSICAL HARM/ DAMAGE, PROCEED WITH CAUTION OR ASK YOUR DESIGNATED HOUSEHOLD WOMEN FOR HELP.
• Once the timer goes off for the carrots and onion pieces, add all the chicken thigh cubes into the pan
• Let the carrot, onion and chicken pieces cook for 13 minutes
WARNING! SET A TIMER, YOU WILL FORGET ABOUT THE FOOD WHICH WILL LEAD TO A FIRE.
• Once the timer goes off, pour 750ml of hot water into pan filled with the carrot, onion and chicken pieces
• Pick up the curry cubes and place in the pan filled with the carrot, onion and chicken pieces
• Stir it with a wooden cooking spoon until all combined
• Let cook for another 5 minutes
WARNING! SET A TIMER, YOU WILL FORGET ABOUT THE FOOD WHICH WILL LEAD TO A FIRE.
• Once the time goes off, follow the instruction on rice packet to heat it up
WARNING! SET A TIMER, YOU WILL FORGET ABOUT THE FOOD WHICH WILL LEAD TO A FIRE.
• Once the rice is done, evenly divide it onto the 2 plates, making sure the rice is on the left side of the plate
• Using a ladle pick up the japanese curry
• On the other side of the plate evenly divide the japanese curry
• Put away any remaining ingredients
• Put dirty tools in dishwasher (if dishwasher is dirty)
• If dishwasher is clean empty it and then put the dirty tools
• Wipe down kitchen counter
• Enjoy your japanese curry!
Pasta Bolognese
Ingredients:
1. Minced meat x500 grams
2. Spaghetti x250 grams
3. Carrots x2
4. Onion x2
5. Garlic powder x2 teaspoons
6. Salt x2 teaspoons
7. Oregano x2 teaspoons
8. Basil x2 teaspoons
9. Oregano x2 teaspoons
10. Olive oil x2 tablespoons
11. Tomato puree from jar x750 ml
12. Tomato concentrate paste x70 grams
13. Pasta x250 grams
14. Parmesan cheese x4 teaspoons
15. Sunflower cooking oil x2 tablespoon
16. Cold water
17. Hot water
Tools:
1. Large pot x2
2. Large pot x1
3. Cutting board x1
4. Knife x1
5. Peeler x1
6. Wooden cooking spoon x1
7. Strainer x1
8. Plates x3
9. Measuring cup x1
10. Tablespoon x1
11. Teaspoon x1
12. Large bowl x1
13. Stove burner x2
14. Sink x1
Instructions:
• Wash hands
• Make sure kitchen counter is clear and tidy
• Take out all ingredients and place them on the kitchen counter
• Pick up one large pot and place it on the stove
• Turn on burner under that pot to medium heat
• Add 1 tablespoon of sunflower oil to the pot
• Add all of 500 grams of the minced beef to the pot
WARNING! THE PREVIOUSLY STATED TASK MAY LEAD TO, MENTAL AND/OR PHYSICAL HARM/ DAMAGE, PROCEED WITH CAUTION OR ASK YOUR DESIGNATED HOUSEHOLD WOMEN FOR HELP.
• Let the meat cook for 10 minutes, until the meat is a deep brown color
WARNING! SET A TIMER, YOU WILL FORGET ABOUT THE FOOD WHICH WILL LEAD TO A FIRE.
• Turn off the stove
• Pour the minced meat into a large bowl and set aside
• Let the large pot that was filled with the minced meat rest aside on the kitchen counter
• Pick up all carrots and place them onto the cutting board
• Pick up the peeler and peel the skin from carrots
WARNING! THE PREVIOUSLY STATED TASK MAY LEAD TO, MENTAL AND/OR PHYSICAL HARM/ DAMAGE, PROCEED WITH CAUTION OR ASK YOUR DESIGNATED HOUSEHOLD WOMEN FOR HELP.
• To peel a carrot, place the peeler at a 90 degree angle on top of the carrot
• Starting at the left side of the carrot add some pressure to the peeler and then move the peeler downward to the right side of the carrot
• Then repeat the same process till all the skin of carrots are peeled
• Place one peeled carrot horizontally on the cutting board
• Using a knife cut the head and foot off of the carrot
WARNING! THE PREVIOUSLY STATED TASK MAY LEAD TO, MENTAL AND/OR PHYSICAL HARM/ DAMAGE, PROCEED WITH CAUTION OR ASK YOUR DESIGNATED HOUSEHOLD WOMEN FOR HELP.
• Take one half of a carrot and cut it horizontally again
WARNING! THE PREVIOUSLY STATED TASK MAY LEAD TO, MENTAL AND/OR PHYSICAL HARM/ DAMAGE, PROCEED WITH CAUTION OR ASK YOUR DESIGNATED HOUSEHOLD WOMEN FOR HELP.
• Then cut that half into three vertical stripes, roughly 0.5cm thick, starts from one side of the carrot
WARNING! THE PREVIOUSLY STATED TASK MAY LEAD TO, MENTAL AND/OR PHYSICAL HARM/ DAMAGE, PROCEED WITH CAUTION OR ASK YOUR DESIGNATED HOUSEHOLD WOMEN FOR HELP.
• Repeat the same process until all of the pieces of carrots have been cut into small quartered pieces
• Pick up the carrot, place onto a clean plate and set aside	25
